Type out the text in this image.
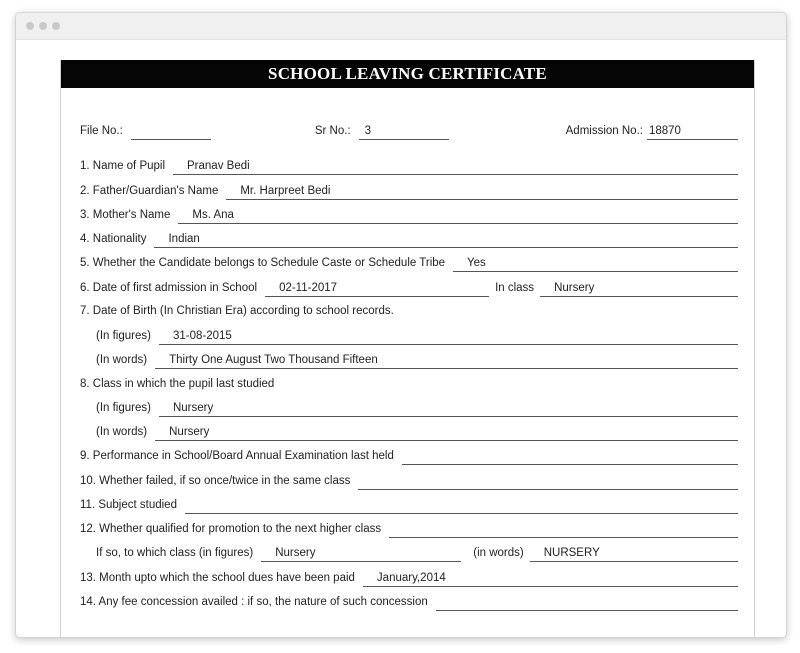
SCHOOL LEAVING CERTIFICATE
File No.:	Sr No.:	3	Admission No.: 18870
1. Name of Pupil	Pranav Bedi
2. Father/Guardian's Name	Mr. Harpreet Bedi
3. Mother's Name	Ms. Ana
4. Nationality	Indian
5. Whether the Candidate belongs to Schedule Caste or Schedule Tribe	Yes
6. Date of first admission in School	02-11-2017	In class	Nursery
7. Date of Birth (In Christian Era) according to school records.
(In figures)	31-08-2015
(In words)	Thirty One August Two Thousand Fifteen
8. Class in which the pupil last studied
(In figures)	Nursery
(In words)	Nursery
9. Performance in School/Board Annual Examination last held
10. Whether failed, if so once/twice in the same class
11. Subject studied
12. Whether qualified for promotion to the next higher class
If so, to which class (in figures)	Nursery	(in words)	NURSERY
13. Month upto which the school dues have been paid	January,2014
14. Any fee concession availed : if so, the nature of such concession
